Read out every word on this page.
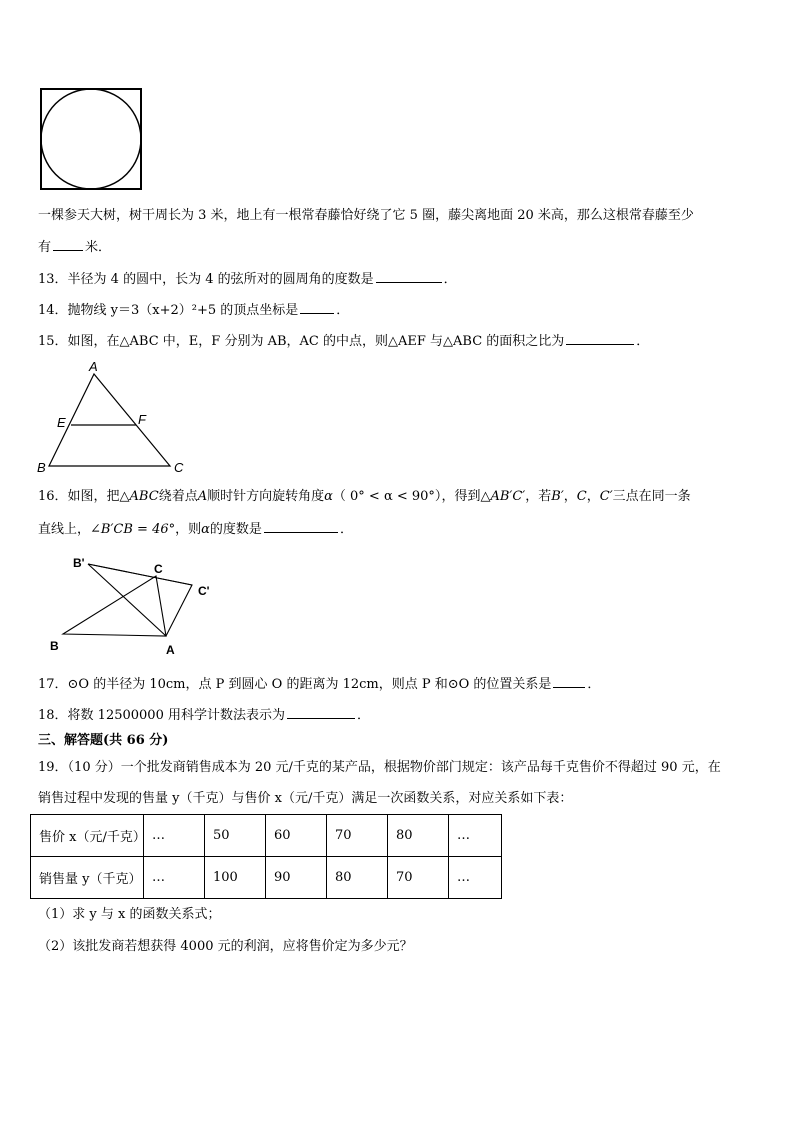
一棵参天大树，树干周长为 3 米，地上有一根常春藤恰好绕了它 5 圈，藤尖离地面 20 米高，那么这根常春藤至少
有	米．
13．半径为 4 的圆中，长为 4 的弦所对的圆周角的度数是	．
14．抛物线 y＝3（x+2）²+5 的顶点坐标是	．
15．如图，在△ABC 中，E，F 分别为 AB，AC 的中点，则△AEF 与△ABC 的面积之比为	．
A
E	F
B	C
16．如图，把△ABC绕着点A顺时针方向旋转角度α（ 0° < α < 90°），得到△AB′C′，若B′，C，C′三点在同一条
直线上，∠B′CB = 46°，则α的度数是	．
B'	C
C'
B	A
17．⊙O 的半径为 10cm，点 P 到圆心 O 的距离为 12cm，则点 P 和⊙O 的位置关系是	．
18．将数 12500000 用科学计数法表示为	．
三、解答题(共 66 分)
19．（10 分）一个批发商销售成本为 20 元/千克的某产品，根据物价部门规定：该产品每千克售价不得超过 90 元，在
销售过程中发现的售量 y（千克）与售价 x（元/千克）满足一次函数关系，对应关系如下表：
售价 x（元/千克）	…	50	60	70	80	…
销售量 y（千克）	…	100	90	80	70	…
（1）求 y 与 x 的函数关系式；
（2）该批发商若想获得 4000 元的利润，应将售价定为多少元？
